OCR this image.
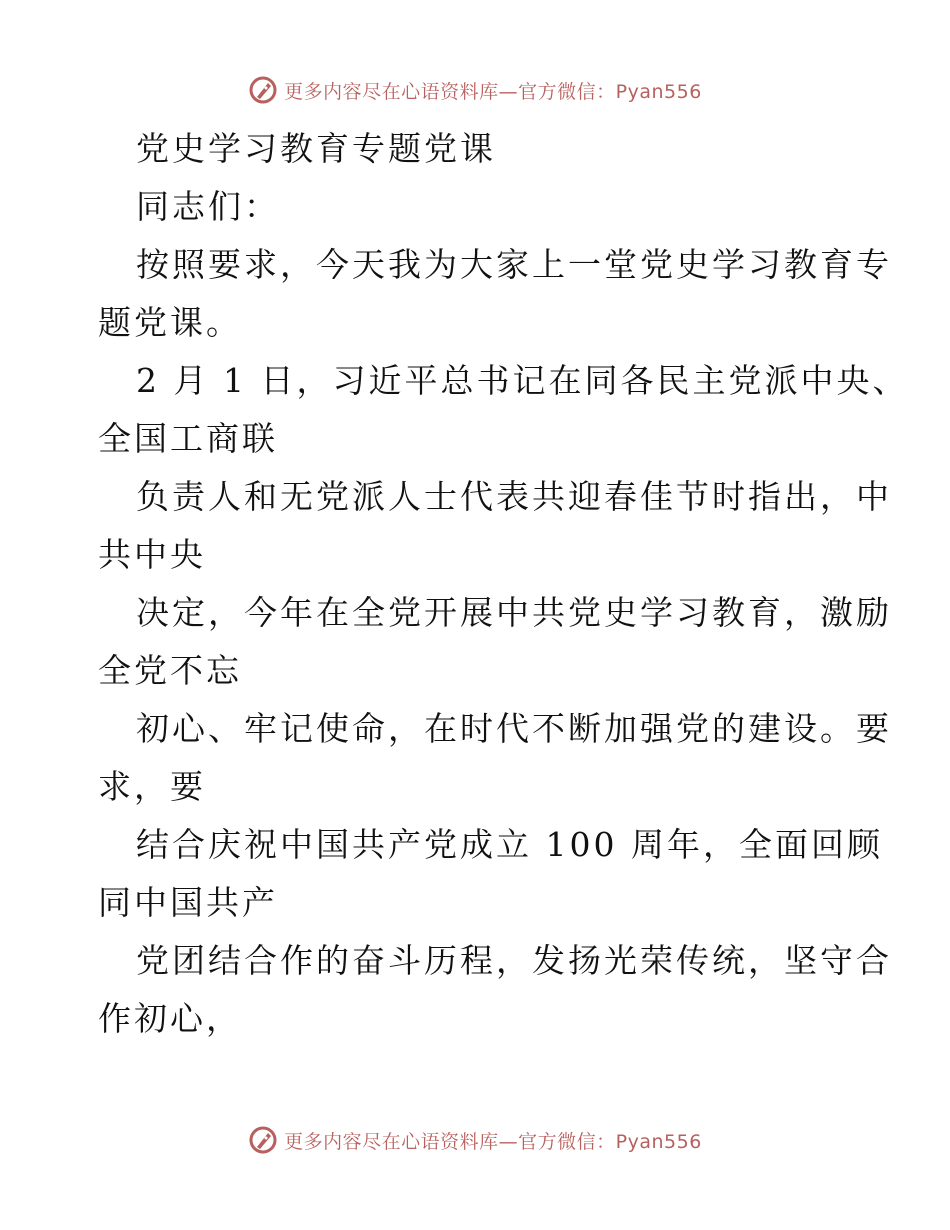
更多内容尽在心语资料库—官方微信：Pyan556
党史学习教育专题党课
同志们：
按照要求，今天我为大家上一堂党史学习教育专
题党课。
2 月 1 日，习近平总书记在同各民主党派中央、
全国工商联
负责人和无党派人士代表共迎春佳节时指出，中
共中央
决定，今年在全党开展中共党史学习教育，激励
全党不忘
初心、牢记使命，在时代不断加强党的建设。要
求，要
结合庆祝中国共产党成立 100 周年，全面回顾
同中国共产
党团结合作的奋斗历程，发扬光荣传统，坚守合
作初心，
更多内容尽在心语资料库—官方微信：Pyan556
